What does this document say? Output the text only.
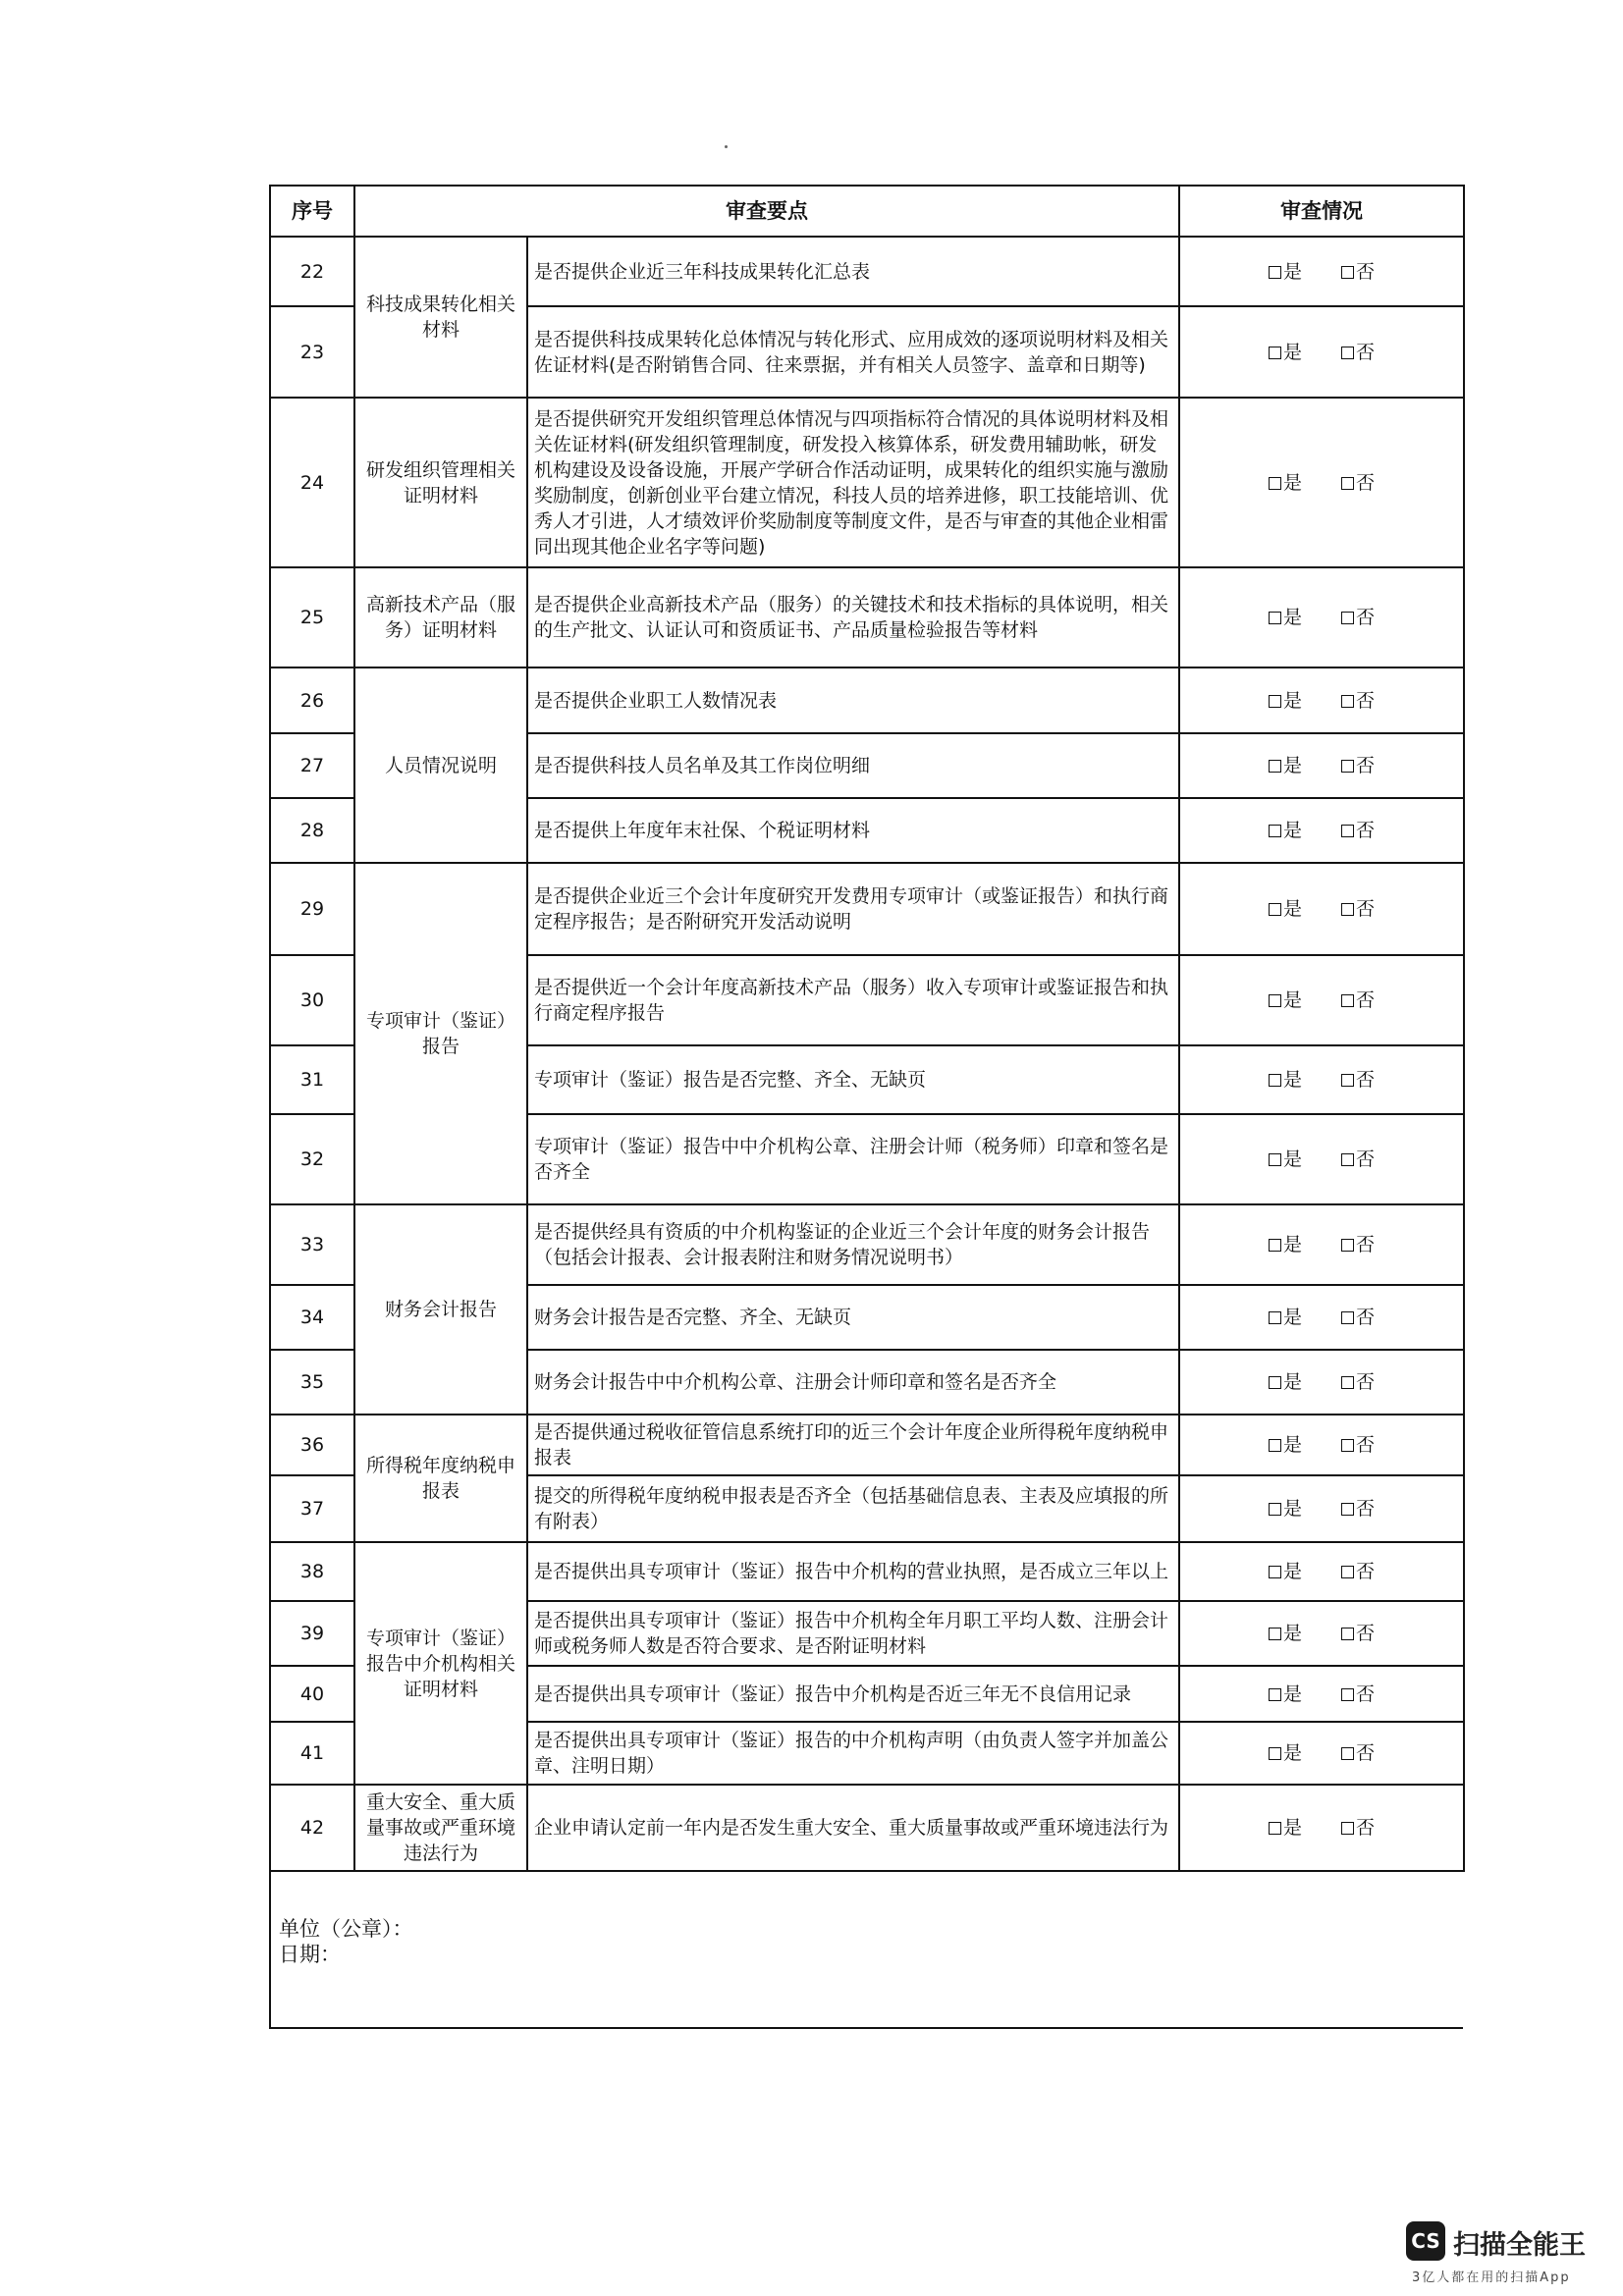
序号	审查要点		审查情况
22	科技成果转化相关材料	是否提供企业近三年科技成果转化汇总表	是 否
23		是否提供科技成果转化总体情况与转化形式、应用成效的逐项说明材料及相关佐证材料(是否附销售合同、往来票据，并有相关人员签字、盖章和日期等)	是 否
24	研发组织管理相关证明材料	是否提供研究开发组织管理总体情况与四项指标符合情况的具体说明材料及相关佐证材料(研发组织管理制度，研发投入核算体系，研发费用辅助帐，研发机构建设及设备设施，开展产学研合作活动证明，成果转化的组织实施与激励奖励制度，创新创业平台建立情况，科技人员的培养进修，职工技能培训、优秀人才引进，人才绩效评价奖励制度等制度文件，是否与审查的其他企业相雷同出现其他企业名字等问题)	是 否
25	高新技术产品（服务）证明材料	是否提供企业高新技术产品（服务）的关键技术和技术指标的具体说明，相关的生产批文、认证认可和资质证书、产品质量检验报告等材料	是 否
26	人员情况说明	是否提供企业职工人数情况表	是 否
27		是否提供科技人员名单及其工作岗位明细	是 否
28		是否提供上年度年末社保、个税证明材料	是 否
29	专项审计（鉴证）报告	是否提供企业近三个会计年度研究开发费用专项审计（或鉴证报告）和执行商定程序报告；是否附研究开发活动说明	是 否
30		是否提供近一个会计年度高新技术产品（服务）收入专项审计或鉴证报告和执行商定程序报告	是 否
31		专项审计（鉴证）报告是否完整、齐全、无缺页	是 否
32		专项审计（鉴证）报告中中介机构公章、注册会计师（税务师）印章和签名是否齐全	是 否
33	财务会计报告	是否提供经具有资质的中介机构鉴证的企业近三个会计年度的财务会计报告（包括会计报表、会计报表附注和财务情况说明书）	是 否
34		财务会计报告是否完整、齐全、无缺页	是 否
35		财务会计报告中中介机构公章、注册会计师印章和签名是否齐全	是 否
36	所得税年度纳税申报表	是否提供通过税收征管信息系统打印的近三个会计年度企业所得税年度纳税申报表	是 否
37		提交的所得税年度纳税申报表是否齐全（包括基础信息表、主表及应填报的所有附表）	是 否
38	专项审计（鉴证）报告中介机构相关证明材料	是否提供出具专项审计（鉴证）报告中介机构的营业执照，是否成立三年以上	是 否
39		是否提供出具专项审计（鉴证）报告中介机构全年月职工平均人数、注册会计师或税务师人数是否符合要求、是否附证明材料	是 否
40		是否提供出具专项审计（鉴证）报告中介机构是否近三年无不良信用记录	是 否
41		是否提供出具专项审计（鉴证）报告的中介机构声明（由负责人签字并加盖公章、注明日期）	是 否
42	重大安全、重大质量事故或严重环境违法行为	企业申请认定前一年内是否发生重大安全、重大质量事故或严重环境违法行为	是 否
单位（公章）：
日期：
CS 扫描全能王
3亿人都在用的扫描App
